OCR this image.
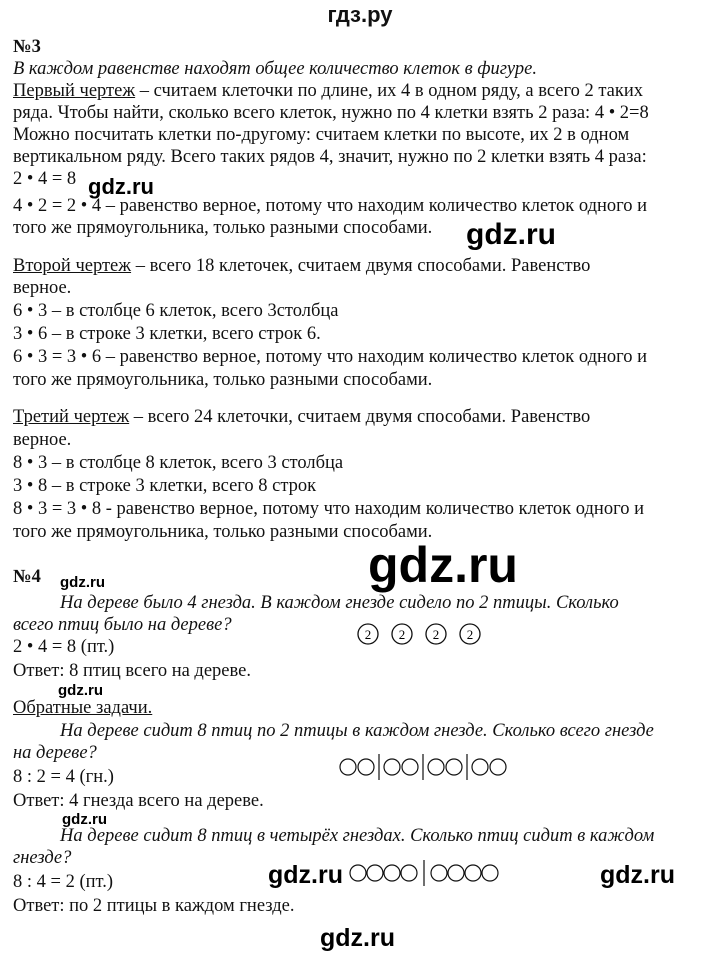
гдз.ру
№3
В каждом равенстве находят общее количество клеток в фигуре.
Первый чертеж – считаем клеточки по длине, их 4 в одном ряду, а всего 2 таких
ряда. Чтобы найти, сколько всего клеток, нужно по 4 клетки взять 2 раза: 4 • 2=8
Можно посчитать клетки по-другому: считаем клетки по высоте, их 2 в одном
вертикальном ряду. Всего таких рядов 4, значит, нужно по 2 клетки взять 4 раза:
2 • 4 = 8
4 • 2 = 2 • 4 – равенство верное, потому что находим количество клеток одного и
того же прямоугольника, только разными способами.
Второй чертеж – всего 18 клеточек, считаем двумя способами. Равенство
верное.
6 • 3 – в столбце 6 клеток, всего 3столбца
3 • 6 – в строке 3 клетки, всего строк 6.
6 • 3 = 3 • 6 – равенство верное, потому что находим количество клеток одного и
того же прямоугольника, только разными способами.
Третий чертеж – всего 24 клеточки, считаем двумя способами. Равенство
верное.
8 • 3 – в столбце 8 клеток, всего 3 столбца
3 • 8 – в строке 3 клетки, всего 8 строк
8 • 3 = 3 • 8 - равенство верное, потому что находим количество клеток одного и
того же прямоугольника, только разными способами.
№4
На дереве было 4 гнезда. В каждом гнезде сидело по 2 птицы. Сколько
всего птиц было на дереве?
2 • 4 = 8 (пт.)
Ответ: 8 птиц всего на дереве.
2 2 2 2
Обратные задачи.
На дереве сидит 8 птиц по 2 птицы в каждом гнезде. Сколько всего гнезде
на дереве?
8 : 2 = 4 (гн.)
Ответ: 4 гнезда всего на дереве.
На дереве сидит 8 птиц в четырёх гнездах. Сколько птиц сидит в каждом
гнезде?
8 : 4 = 2 (пт.)
Ответ: по 2 птицы в каждом гнезде.
gdz.ru
gdz.ru
gdz.ru
gdz.ru
gdz.ru
gdz.ru
gdz.ru	gdz.ru
gdz.ru
